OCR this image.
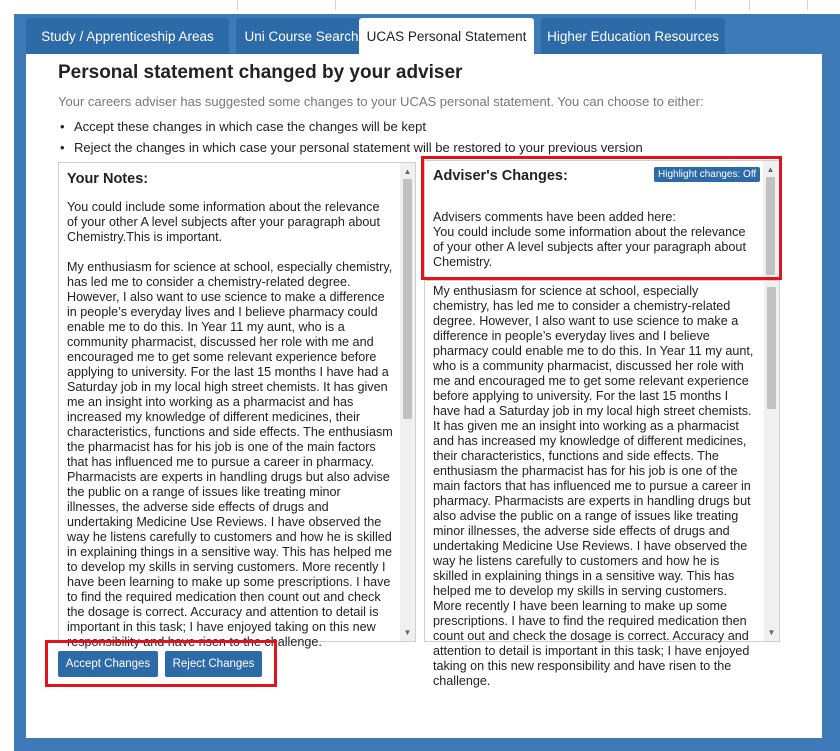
Study / Apprenticeship Areas	Uni Course Search UCAS Personal Statement	Higher Education Resources
Personal statement changed by your adviser
Your careers adviser has suggested some changes to your UCAS personal statement. You can choose to either:
• Accept these changes in which case the changes will be kept
• Reject the changes in which case your personal statement will be restored to your previous version
Your Notes:

You could include some information about the relevance of your other A level subjects after your paragraph about Chemistry.This is important.

My enthusiasm for science at school, especially chemistry, has led me to consider a chemistry-related degree. However, I also want to use science to make a difference in people’s everyday lives and I believe pharmacy could enable me to do this. In Year 11 my aunt, who is a community pharmacist, discussed her role with me and encouraged me to get some relevant experience before applying to university. For the last 15 months I have had a Saturday job in my local high street chemists. It has given me an insight into working as a pharmacist and has increased my knowledge of different medicines, their characteristics, functions and side effects. The enthusiasm the pharmacist has for his job is one of the main factors that has influenced me to pursue a career in pharmacy. Pharmacists are experts in handling drugs but also advise the public on a range of issues like treating minor illnesses, the adverse side effects of drugs and undertaking Medicine Use Reviews. I have observed the way he listens carefully to customers and how he is skilled in explaining things in a sensitive way. This has helped me to develop my skills in serving customers. More recently I have been learning to make up some prescriptions. I have to find the required medication then count out and check the dosage is correct. Accuracy and attention to detail is important in this task; I have enjoyed taking on this new responsibility and have risen to the challenge.

▲
▼

My enthusiasm for science at school, especially chemistry, has led me to consider a chemistry-related degree. However, I also want to use science to make a difference in people’s everyday lives and I believe pharmacy could enable me to do this. In Year 11 my aunt, who is a community pharmacist, discussed her role with me and encouraged me to get some relevant experience before applying to university. For the last 15 months I have had a Saturday job in my local high street chemists. It has given me an insight into working as a pharmacist and has increased my knowledge of different medicines, their characteristics, functions and side effects. The enthusiasm the pharmacist has for his job is one of the main factors that has influenced me to pursue a career in pharmacy. Pharmacists are experts in handling drugs but also advise the public on a range of issues like treating minor illnesses, the adverse side effects of drugs and undertaking Medicine Use Reviews. I have observed the way he listens carefully to customers and how he is skilled in explaining things in a sensitive way. This has helped me to develop my skills in serving customers. More recently I have been learning to make up some prescriptions. I have to find the required medication then count out and check the dosage is correct. Accuracy and attention to detail is important in this task; I have enjoyed taking on this new responsibility and have risen to the challenge.

▼
Adviser's Changes:	Highlight changes: Off
Advisers comments have been added here:
You could include some information about the relevance of your other A level subjects after your paragraph about Chemistry.
▲
Accept Changes	Reject Changes
